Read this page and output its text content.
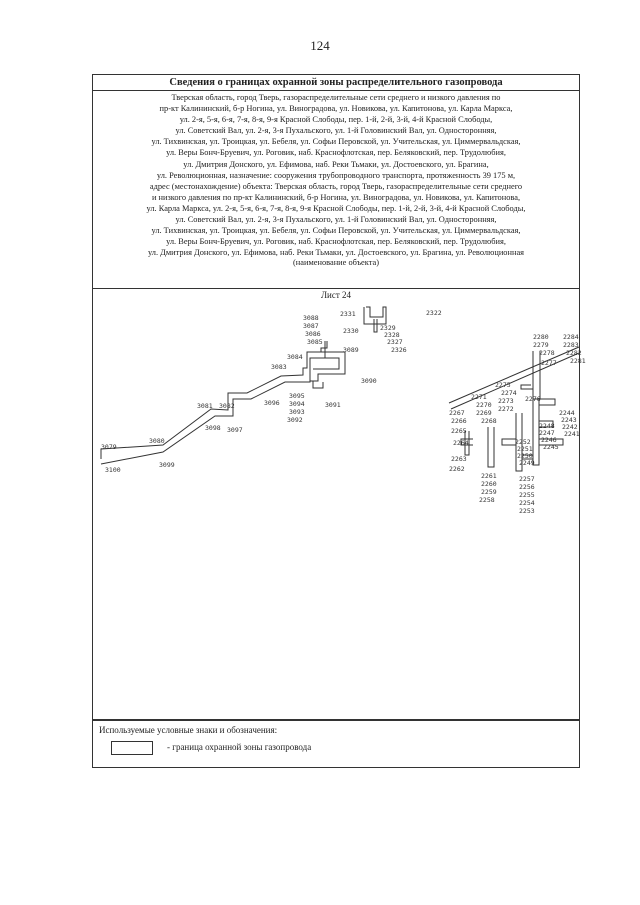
124
Сведения о границах охранной зоны распределительного газопровода
Тверская область, город Тверь, газораспределительные сети среднего и низкого давления по
пр-кт Калининский, б-р Ногина, ул. Виноградова, ул. Новикова, ул. Капитонова, ул. Карла Маркса,
ул. 2-я, 5-я, 6-я, 7-я, 8-я, 9-я Красной Слободы, пер. 1-й, 2-й, 3-й, 4-й Красной Слободы,
ул. Советский Вал, ул. 2-я, 3-я Пухальского, ул. 1-й Головинский Вал, ул. Односторонняя,
ул. Тихвинская, ул. Троицкая, ул. Бебеля, ул. Софьи Перовской, ул. Учительская, ул. Циммервальдская,
ул. Веры Бонч-Бруевич, ул. Роговик, наб. Краснофлотская, пер. Беляковский, пер. Трудолюбия,
ул. Дмитрия Донского, ул. Ефимова, наб. Реки Тьмаки, ул. Достоевского, ул. Брагина,
ул. Революционная, назначение: сооружения трубопроводного транспорта, протяженность 39 175 м,
адрес (местонахождение) объекта: Тверская область, город Тверь, газораспределительные сети среднего
и низкого давления по пр-кт Калининский, б-р Ногина, ул. Виноградова, ул. Новикова, ул. Капитонова,
ул. Карла Маркса, ул. 2-я, 5-я, 6-я, 7-я, 8-я, 9-я Красной Слободы, пер. 1-й, 2-й, 3-й, 4-й Красной Слободы,
ул. Советский Вал, ул. 2-я, 3-я Пухальского, ул. 1-й Головинский Вал, ул. Односторонняя,
ул. Тихвинская, ул. Троицкая, ул. Бебеля, ул. Софьи Перовской, ул. Учительская, ул. Циммервальдская,
ул. Веры Бонч-Бруевич, ул. Роговик, наб. Краснофлотская, пер. Беляковский, пер. Трудолюбия,
ул. Дмитрия Донского, ул. Ефимова, наб. Реки Тьмаки, ул. Достоевского, ул. Брагина, ул. Революционная
(наименование объекта)
Лист 24
3088
3087
3086
3085
3084
3083
3089
3090
3081 3082
3095
3094
3093
3092
3091
3096
3098 3097
3080
3079
3099
3100
2331
2330	2329
2328
2327
2326
2322
2280
2279
2278
2284
2283
2282
2281
2277
2275
2274
2271 2273
2270 2272
2276
2267
2266
2269
2268
2265
2264
2244
2243
2242
2241
2248
2247
2246
2245
2252
2251
2250
2249
2263
2262
2261
2260
2259
2258
2257
2256
2255
2254
2253
Используемые условные знаки и обозначения:
- граница охранной зоны газопровода
